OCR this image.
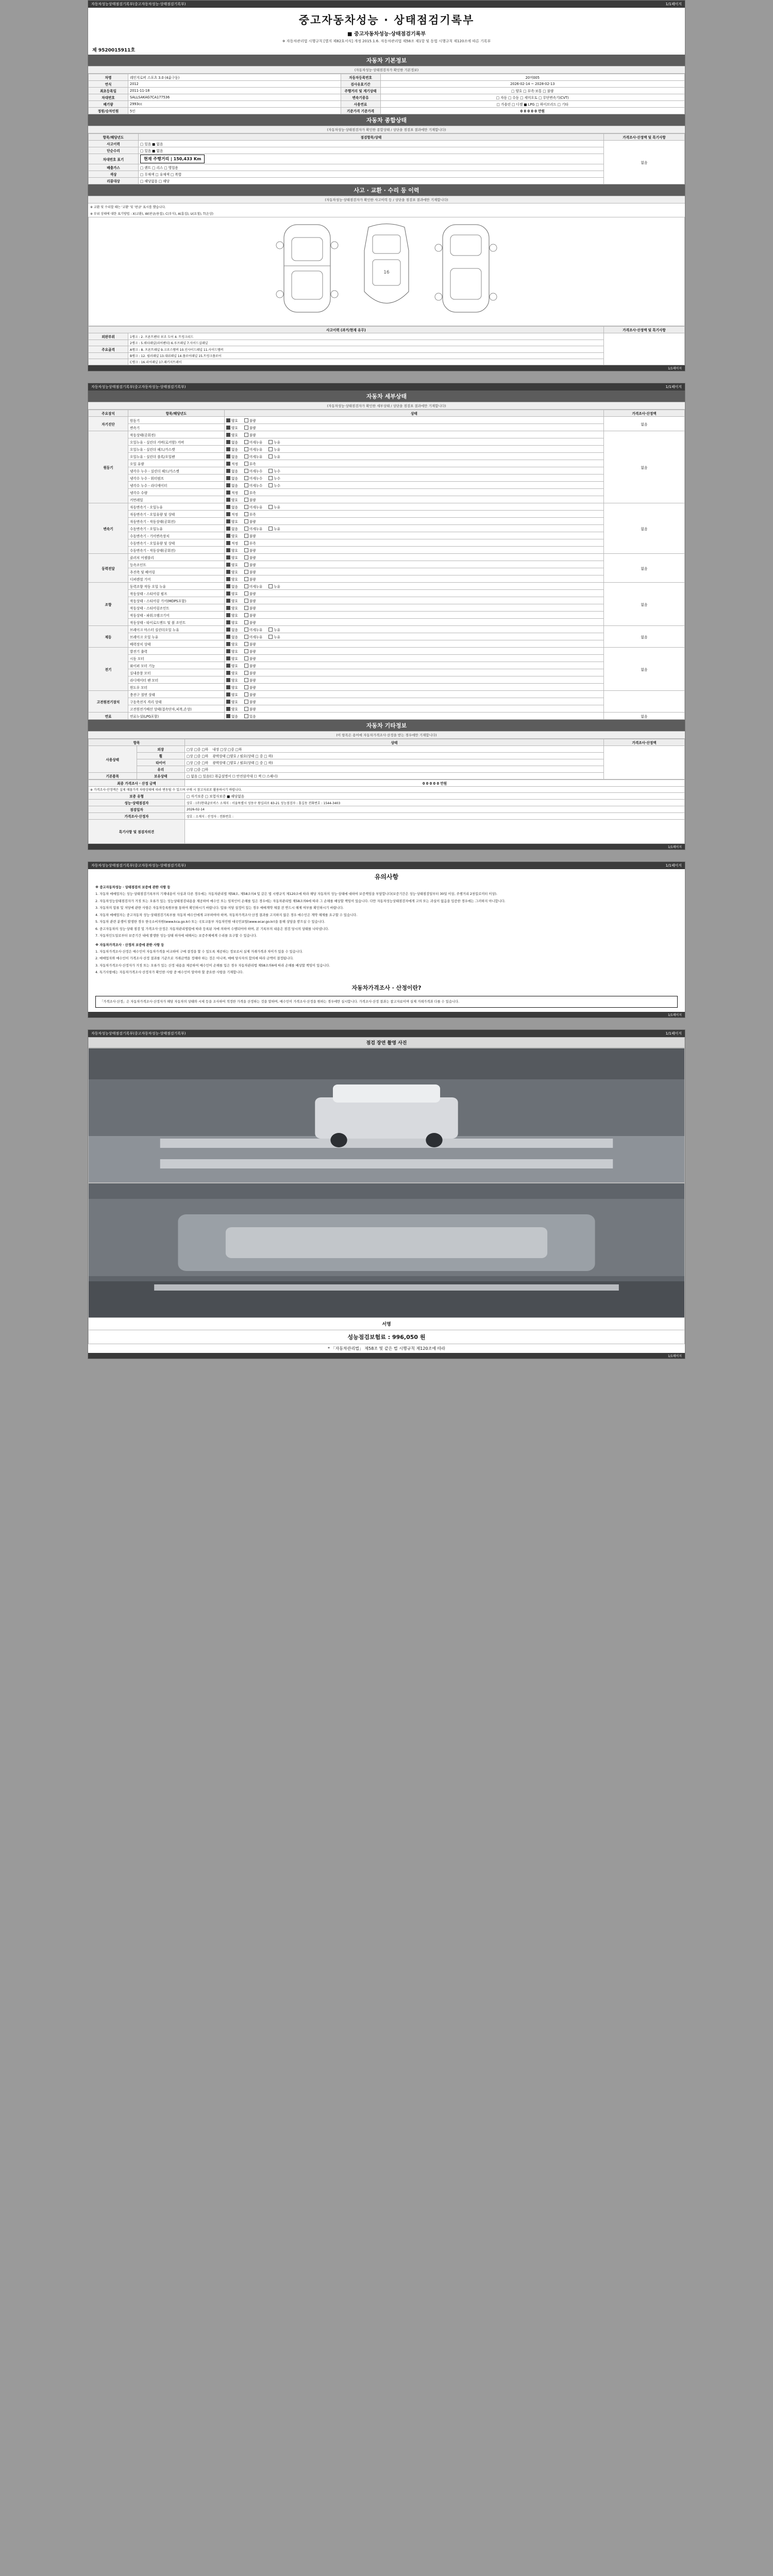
자동차성능상태점검기록부(중고자동차성능·상태점검기록부)	1/1페이지
중고자동차성능 · 상태점검기록부
■ 중고자동차성능·상태점검기록부
※ 자동차관리법 시행규칙 [별지 제82호서식] 개정 2015.1.6. 자동차관리법 제58조 제1항 및 동법 시행규칙 제120조에 따른 기록부
제 9520015911호
자동차 기본정보
(자동차성능·상태점검자가 확인한 기본정보)
차명	레인지로버 스포츠 3.0 (4륜구동)	자동차등록번호	20머005
연식	2012	검사유효기간	2026-02-14 ~ 2028-02-13
최초등록일	2011-11-18	주행거리 및 계기상태	□ 양호 □ 부족·보통 □ 불량
차대번호	SALLSAKAG7CA177536	변속기종류	□ 자동 □ 수동 □ 세미오토 □ 무단변속기(CVT)
배기량	2993cc	사용연료	□ 가솔린 □ 디젤 ■ LPG □ 하이브리드 □ 기타
정원/승차인원	5인	기준가격 기준가격	0 0 0 0 0 만원
자동차 종합상태
(자동차성능·상태점검자가 확인한 종합상태 / 상단을 점검표 결과에만 기재합니다)
항목/해당년도	점검항목/상태	가격조사·산정액 및 특기사항
사고이력	□ 있음 ■ 없음	없음
단순수리	□ 있음 ■ 없음	
차대번호 표기	현재 주행거리 | 150,433 Km	
배출가스	□ 렌트 □ 리스 □ 영업용	
색상	□ 무채색 □ 유채색 □ 복합	
리콜대상	□ 해당없음 □ 해당	
사고 · 교환 · 수리 등 이력
(자동차성능·상태점검자가 확인한 사고이력 등 / 상단을 점검표 결과에만 기재합니다)
※ 교환 및 수리할 때는 '교환' 및 '판금' 표시를 했습니다.
※ 부위 상태에 대한 표기방법 : X(교환), W(판금/용접), C(부식), A(흠집), U(요철), T(손상)
16
사고이력 (과거/현재 유무)		가격조사·산정액 및 특기사항
외판부위	1랭크 : 2. 프론트펜더 보조 도어 4. 트렁크리드	
	2랭크 : 5.쿼터패널(리어펜더) 6.루프패널 7.사이드실패널	
주요골격	A랭크 : 8. 프론트패널 9.크로스멤버 10.인사이드패널 11.사이드멤버	
	B랭크 : 12. 필러패널 13.대쉬패널 14.플로어패널 15.트렁크플로어	
	C랭크 : 16.리어패널 17.패키지트레이	
1/1페이지
자동차성능상태점검기록부(중고자동차성능·상태점검기록부)	1/1페이지
자동차 세부상태
(자동차성능·상태점검자가 확인한 세부상태 / 상단을 점검표 결과에만 기재합니다)
주요장치	항목/해당년도	상태	가격조사·산정액
자기진단	원동기	양호 불량	없음
	변속기	양호 불량	
원동기	작동상태(공회전)	양호 불량	없음
	오일누유 - 실린더 커버(로커암) 커버	없음 미세누유 누유	
	오일누유 - 실린더 헤드/가스켓	없음 미세누유 누유	
	오일누유 - 실린더 블록/오일팬	없음 미세누유 누유	
	오일 유량	적정 부족	
	냉각수 누수 - 실린더 헤드/가스켓	없음 미세누수 누수	
	냉각수 누수 - 워터펌프	없음 미세누수 누수	
	냉각수 누수 - 라디에이터	없음 미세누수 누수	
	냉각수 수량	적정 부족	
	커먼레일	양호 불량	
변속기	자동변속기 - 오일누유	없음 미세누유 누유	없음
	자동변속기 - 오일유량 및 상태	적정 부족	
	자동변속기 - 작동상태(공회전)	양호 불량	
	수동변속기 - 오일누유	없음 미세누유 누유	
	수동변속기 - 기어변속장치	양호 불량	
	수동변속기 - 오일유량 및 상태	적정 부족	
	수동변속기 - 작동상태(공회전)	양호 불량	
동력전달	클러치 어셈블리	양호 불량	없음
	등속조인트	양호 불량	
	추진축 및 베어링	양호 불량	
	디퍼렌셜 기어	양호 불량	
조향	동력조향 작동 오일 누유	없음 미세누유 누유	없음
	작동상태 - 스티어링 펌프	양호 불량	
	작동상태 - 스티어링 기어(MDPS포함)	양호 불량	
	작동상태 - 스티어링조인트	양호 불량	
	작동상태 - 파워크랭크기어	양호 불량	
	작동상태 - 타이로드엔드 및 볼 조인트	양호 불량	
제동	브레이크 마스터 실린더오일 누유	없음 미세누유 누유	없음
	브레이크 오일 누유	없음 미세누유 누유	
	배력장치 상태	양호 불량	
전기	발전기 출력	양호 불량	없음
	시동 모터	양호 불량	
	와이퍼 모터 기능	양호 불량	
	실내송풍 모터	양호 불량	
	라디에이터 팬 모터	양호 불량	
	윈도우 모터	양호 불량	
고전원전기장치	충전구 절연 상태	양호 불량	
	구동축전지 격리 상태	양호 불량	
	고전원전기배선 상태(접속단자,피복,손상)	양호 불량	
연료	연료누설(LPG포함)	없음 있음	없음
자동차 기타정보
(이 항목은 용어에 자동차가격조사·산정을 받는 경우에만 기재합니다)
항목		상태	가격조사·산정액
사용상태	외장	□상 □중 □하 내장 □상 □중 □하	
	휠	□상 □중 □하 광택상태 □양호 / 필요(상태 □ 중 □ 하)	
	타이어	□상 □중 □하 광택상태 □양호 / 필요(상태 □ 중 □ 하)	
	유리	□상 □중 □하	
기본품목	보유상태	□ 없음 □ 있음(☐ 취급설명서 ☐ 안전삼각대 ☐ 잭 ☐ 스패너)	
최종 가격조사 · 산정 금액	0 0 0 0 0 만원
※ 가격조사·산정액은 실제 매물가격 차량상태에 따라 변동될 수 있으며 구매 시 참고자료로 활용하시기 바랍니다.	
보증 유형	□ 자기보증 □ 보험사보증 ■ 해당없음
성능·상태점검자	상호 : (주)현대글로비스 소재지 : 서울특별시 성동구 왕십리로 83-21 성능점검자 : 홍길동 전화번호 : 1544-3403
점검일자	2026-02-14
가격조사·산정자	상호 : 소재지 : 산정자 : 전화번호 :
특기사항 및 점검자의견	
1/1페이지
자동차성능상태점검기록부(중고자동차성능·상태점검기록부)	1/1페이지
유의사항

※ 중고자동차성능 · 상태점검의 보증에 관한 사항 등

1. 자동차 매매업자는 성능·상태점검기록부의 기재내용이 사실과 다른 경우에는 자동차관리법 제58조, 제58조의4 및 같은 법 시행규칙 제120조에 따라 해당 자동차의 성능·상태에 대하여 보증책임을 부담합니다(보증기간은 성능·상태점검일부터 30일 이상, 주행거리 2천킬로미터 이상).

2. 자동차성능상태점검자가 거짓 또는 오류가 있는 성능상태점검내용을 제공하여 매수인 또는 임차인이 손해를 입은 경우에는 자동차관리법 제58조의6에 따라 그 손해를 배상할 책임이 있습니다. 다만 자동차성능상태점검자에게 고의 또는 과실이 없음을 입증한 경우에는 그러하지 아니합니다.

3. 자동차의 압류 및 저당에 관한 사항은 자동차등록원부를 통하여 확인하시기 바랍니다. 압류·저당 설정이 있는 경우 매매계약 체결 전 반드시 해제 여부를 확인하시기 바랍니다.

4. 자동차 매매업자는 중고자동차 성능·상태점검기록부를 자동차 매수인에게 교부하여야 하며, 자동차가격조사·산정 결과를 고지하지 않은 경우 매수인은 계약 해제를 요구할 수 있습니다.

5. 자동차 관련 분쟁이 발생한 경우 한국소비자원(www.kca.go.kr) 또는 국토교통부 자동차민원 대국민포털(www.ecar.go.kr)을 통해 상담을 받으실 수 있습니다.

6. 중고자동차의 성능·상태 점검 및 가격조사·산정은 자동차관리법령에 따라 등록된 자에 의하여 수행되어야 하며, 본 기록부의 내용은 점검 당시의 상태를 나타냅니다.

7. 자동차인도일로부터 보증기간 내에 발생한 성능·상태 하자에 대해서는 보증주체에게 수리를 요구할 수 있습니다.

※ 자동차가격조사 · 산정의 보증에 관한 사항 등

1. 자동차가격조사·산정은 매수인이 자동차가격을 비교하여 구매 결정을 할 수 있도록 제공하는 정보로서 실제 거래가격과 차이가 있을 수 있습니다.

2. 매매업자와 매수인이 가격조사·산정 결과를 기준으로 거래금액을 정해야 하는 것은 아니며, 매매 당사자의 합의에 따라 금액이 결정됩니다.

3. 자동차가격조사·산정자가 거짓 또는 오류가 있는 산정 내용을 제공하여 매수인이 손해를 입은 경우 자동차관리법 제58조의6에 따라 손해를 배상할 책임이 있습니다.

4. 특기사항에는 자동차가격조사·산정자가 확인한 사항 중 매수인이 알아야 할 중요한 사항을 기재합니다.

자동차가격조사 · 산정이란?
「가격조사·산정」은 자동차가격조사·산정자가 해당 자동차의 상태와 시세 등을 조사하여 적정한 가격을 산정하는 것을 말하며, 매수인이 가격조사·산정을 원하는 경우에만 실시합니다. 가격조사·산정 결과는 참고자료이며 실제 거래가격과 다를 수 있습니다.
1/1페이지
자동차성능상태점검기록부(중고자동차성능·상태점검기록부)	1/1페이지
점검 장면 촬영 사진
서명
성능점검보험료 : 996,050 원
* 「자동차관리법」 제58조 및 같은 법 시행규칙 제120조에 따라
1/1페이지
